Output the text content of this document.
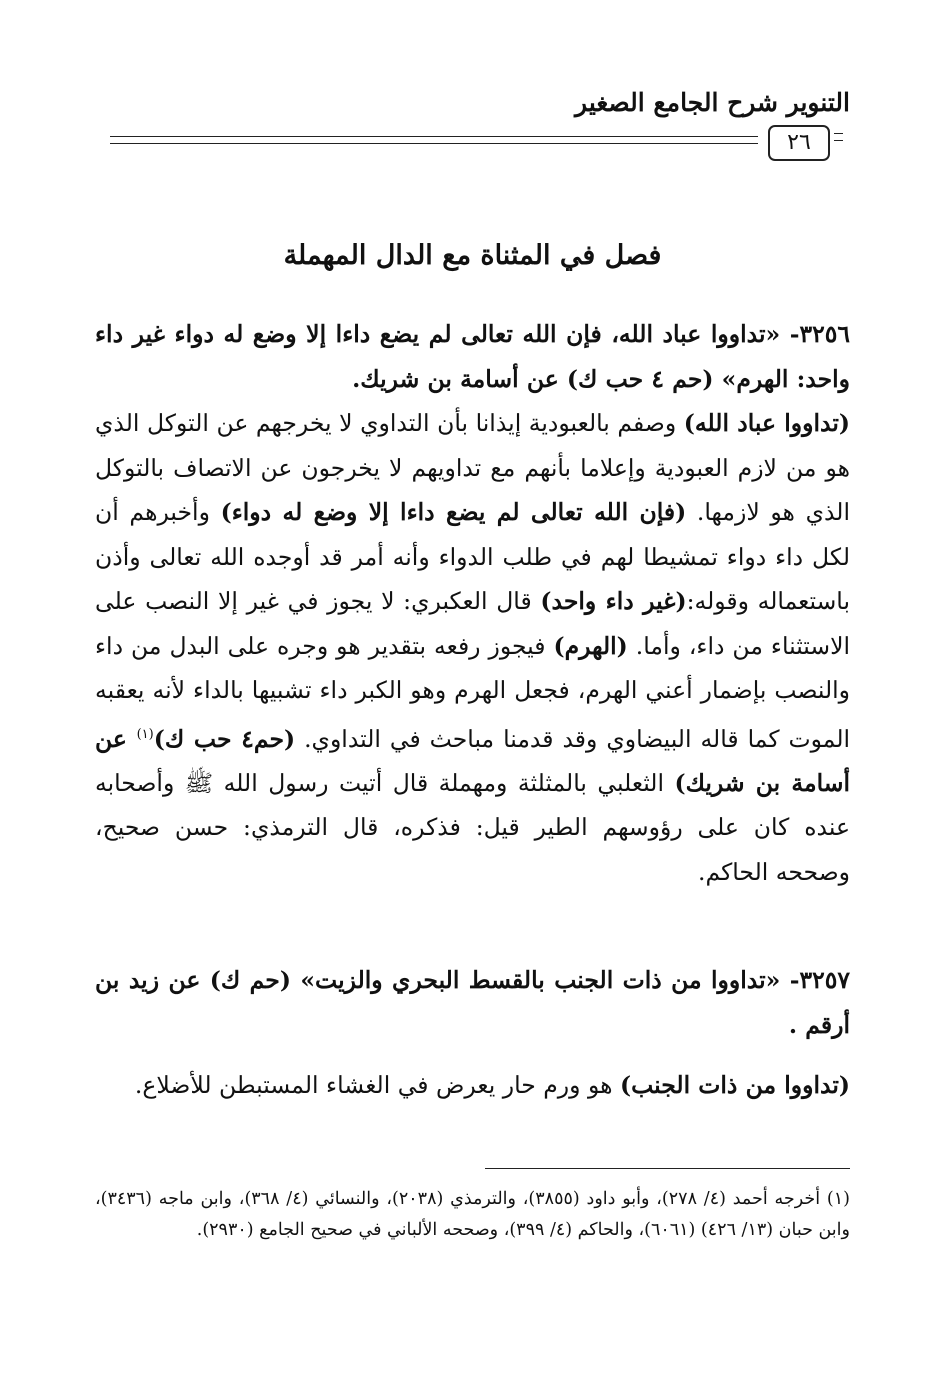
التنوير شرح الجامع الصغير
٢٦
فصل في المثناة مع الدال المهملة
٣٢٥٦- «تداووا عباد الله، فإن الله تعالى لم يضع داءا إلا وضع له دواء غير داء واحد: الهرم» (حم ٤ حب ك) عن أسامة بن شريك.
(تداووا عباد الله) وصفم بالعبودية إيذانا بأن التداوي لا يخرجهم عن التوكل الذي هو من لازم العبودية وإعلاما بأنهم مع تداويهم لا يخرجون عن الاتصاف بالتوكل الذي هو لازمها. (فإن الله تعالى لم يضع داءا إلا وضع له دواء) وأخبرهم أن لكل داء دواء تمشيطا لهم في طلب الدواء وأنه أمر قد أوجده الله تعالى وأذن باستعماله وقوله:(غير داء واحد) قال العكبري: لا يجوز في غير إلا النصب على الاستثناء من داء، وأما. (الهرم) فيجوز رفعه بتقدير هو وجره على البدل من داء والنصب بإضمار أعني الهرم، فجعل الهرم وهو الكبر داء تشبيها بالداء لأنه يعقبه الموت كما قاله البيضاوي وقد قدمنا مباحث في التداوي. (حم٤ حب ك)$^{(١)}$ عن أسامة بن شريك) الثعلبي بالمثلثة ومهملة قال أتيت رسول الله ﷺ وأصحابه عنده كان على رؤوسهم الطير قيل: فذكره، قال الترمذي: حسن صحيح، وصححه الحاكم.
٣٢٥٧- «تداووا من ذات الجنب بالقسط البحري والزيت» (حم ك) عن زيد بن أرقم .
(تداووا من ذات الجنب) هو ورم حار يعرض في الغشاء المستبطن للأضلاع.
(١) أخرجه أحمد (٤/ ٢٧٨)، وأبو داود (٣٨٥٥)، والترمذي (٢٠٣٨)، والنسائي (٤/ ٣٦٨)، وابن ماجه (٣٤٣٦)، وابن حبان (١٣/ ٤٢٦) (٦٠٦١)، والحاكم (٤/ ٣٩٩)، وصححه الألباني في صحيح الجامع (٢٩٣٠).
